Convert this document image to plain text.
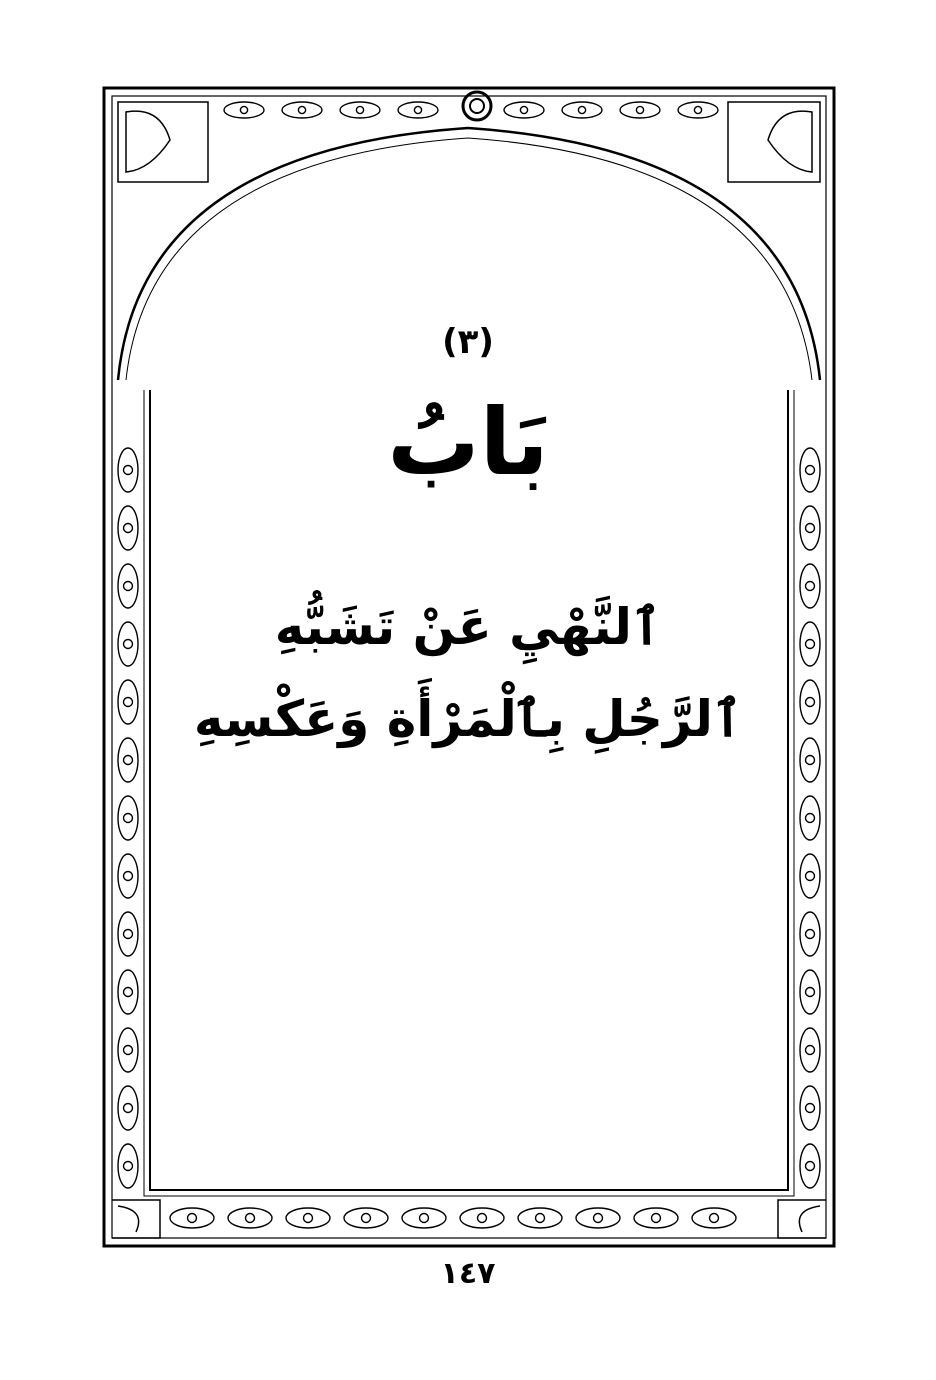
(٣)
بَابُ
ٱلنَّهْيِ عَنْ تَشَبُّهِ
ٱلرَّجُلِ بِٱلْمَرْأَةِ وَعَكْسِهِ
١٤٧
